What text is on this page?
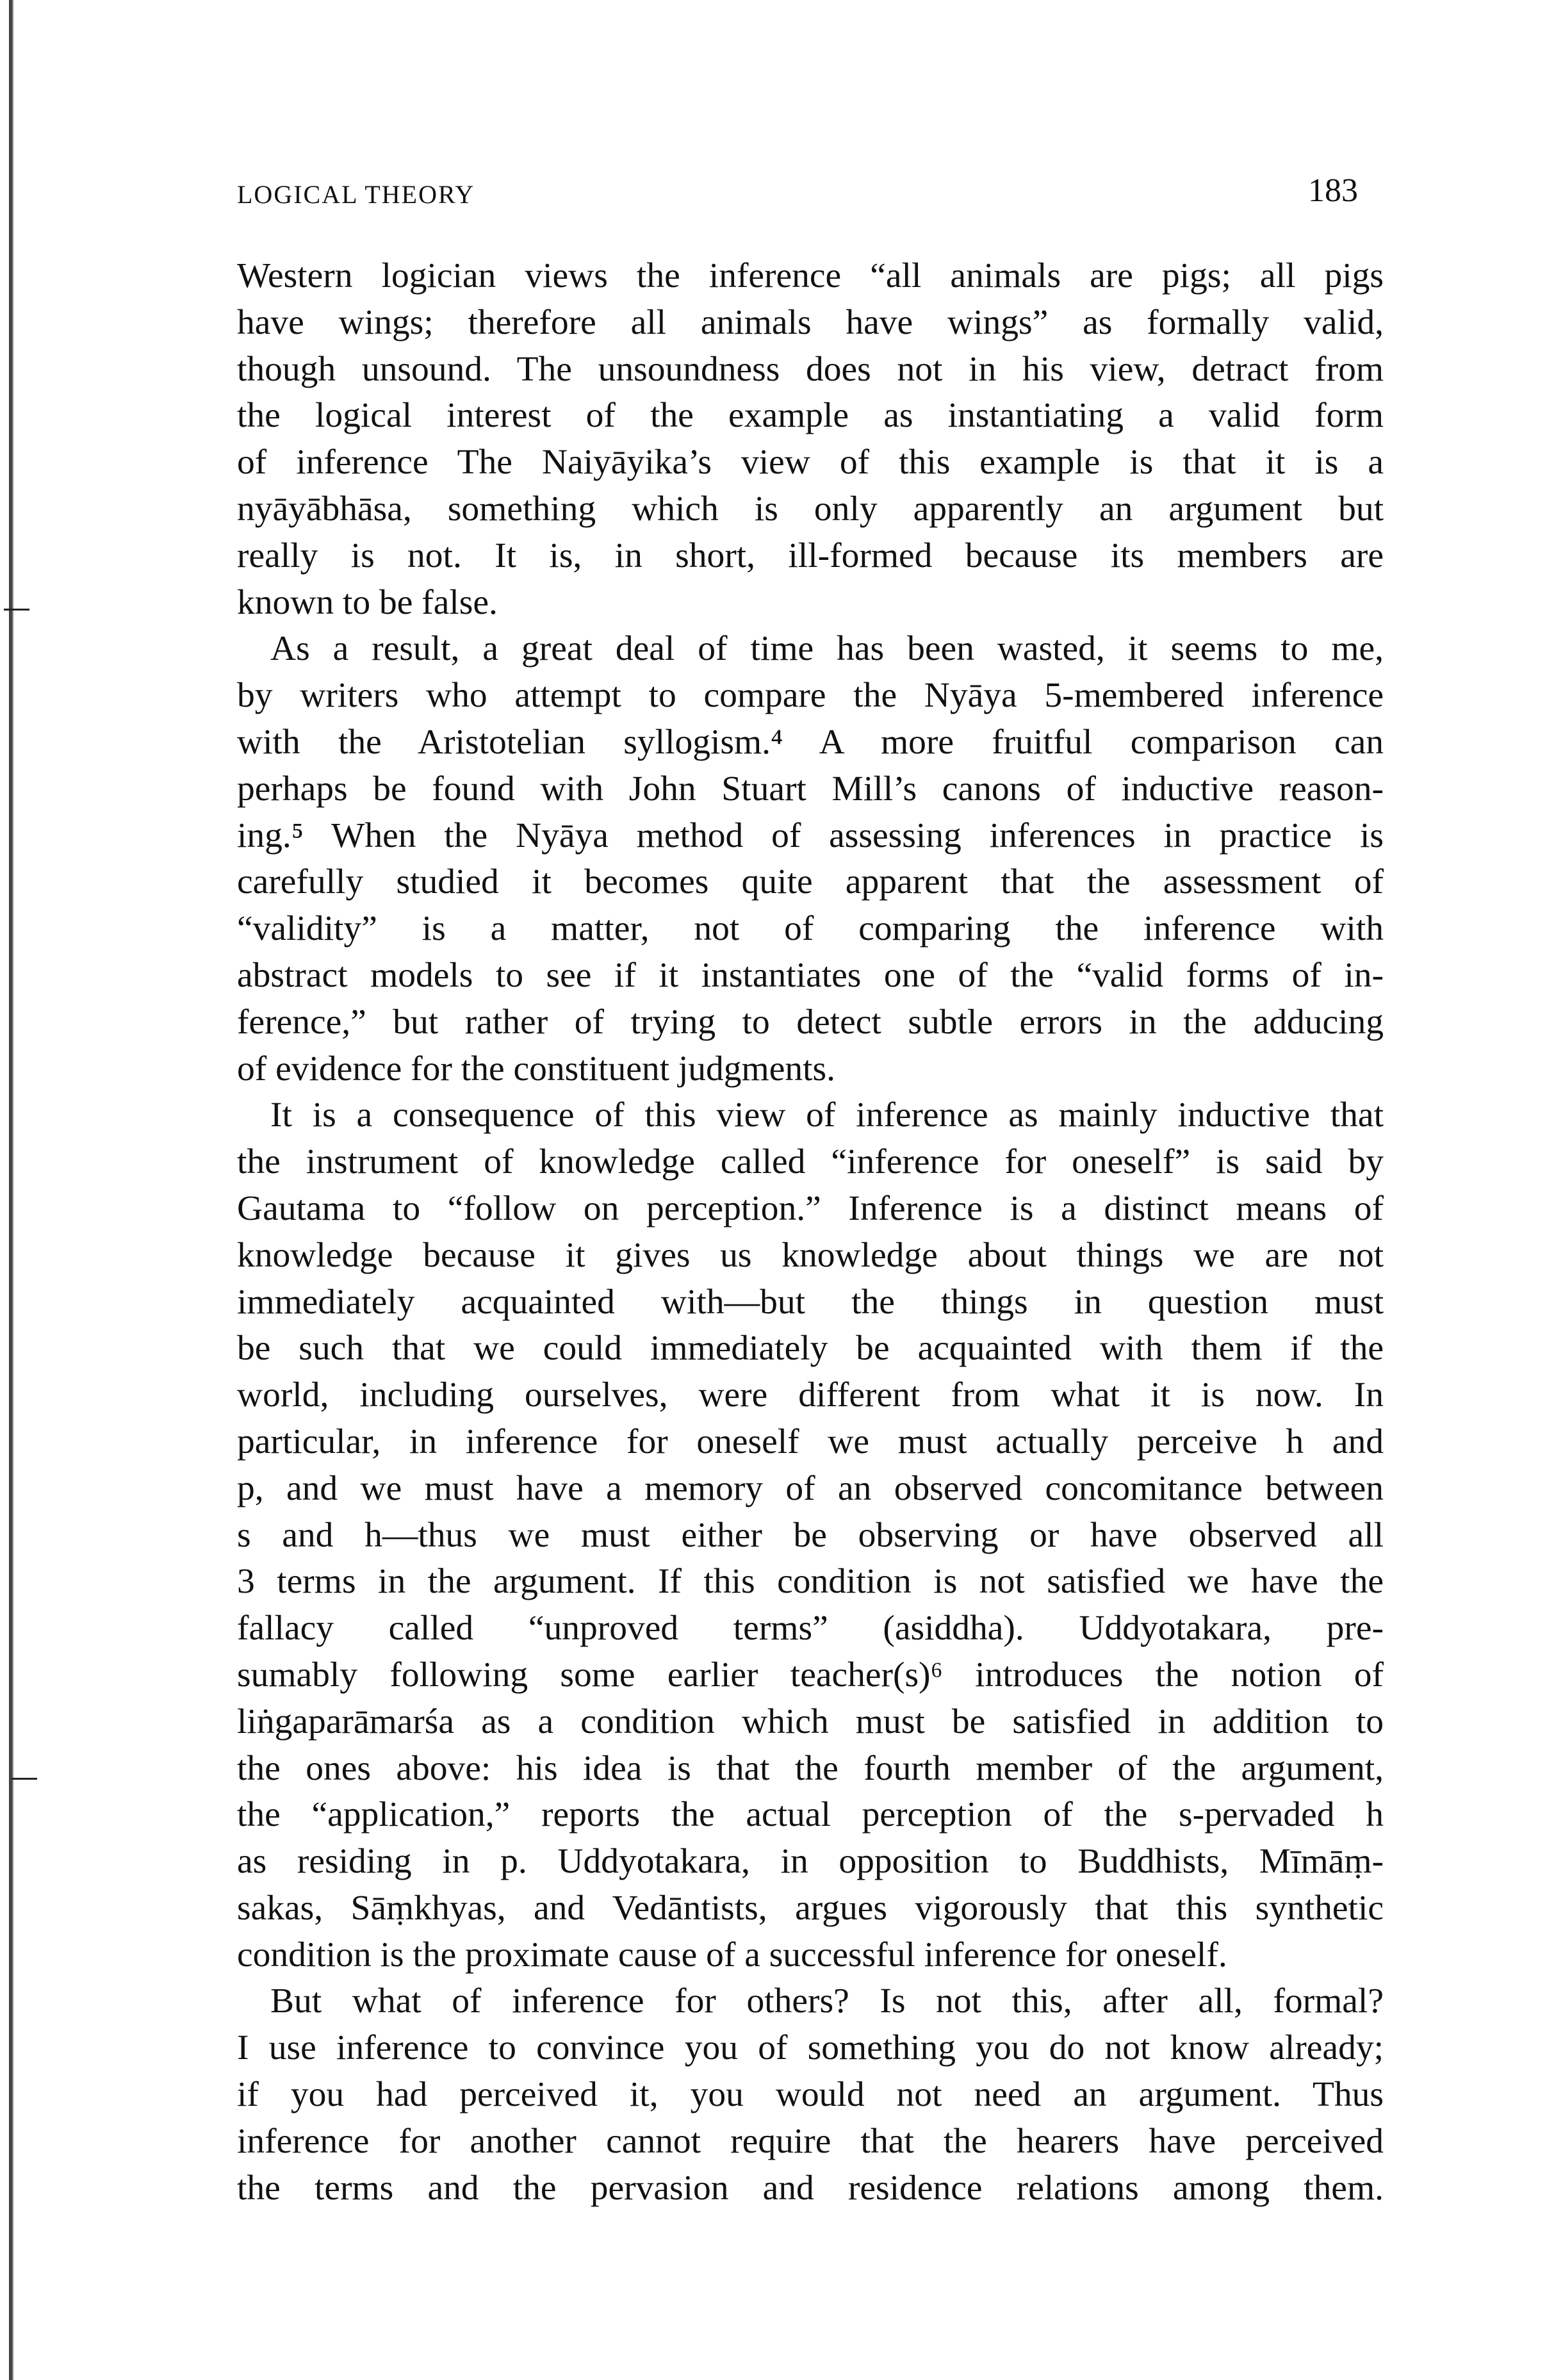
LOGICAL THEORY	183
Western logician views the inference “all animals are pigs; all pigs
have wings; therefore all animals have wings” as formally valid,
though unsound. The unsoundness does not in his view, detract from
the logical interest of the example as instantiating a valid form
of inference The Naiyāyika’s view of this example is that it is a
nyāyābhāsa, something which is only apparently an argument but
really is not. It is, in short, ill-formed because its members are
known to be false.
As a result, a great deal of time has been wasted, it seems to me,
by writers who attempt to compare the Nyāya 5-membered inference
with the Aristotelian syllogism.⁴ A more fruitful comparison can
perhaps be found with John Stuart Mill’s canons of inductive reason-
ing.⁵ When the Nyāya method of assessing inferences in practice is
carefully studied it becomes quite apparent that the assessment of
“validity” is a matter, not of comparing the inference with
abstract models to see if it instantiates one of the “valid forms of in-
ference,” but rather of trying to detect subtle errors in the adducing
of evidence for the constituent judgments.
It is a consequence of this view of inference as mainly inductive that
the instrument of knowledge called “inference for oneself” is said by
Gautama to “follow on perception.” Inference is a distinct means of
knowledge because it gives us knowledge about things we are not
immediately acquainted with—but the things in question must
be such that we could immediately be acquainted with them if the
world, including ourselves, were different from what it is now. In
particular, in inference for oneself we must actually perceive h and
p, and we must have a memory of an observed concomitance between
s and h—thus we must either be observing or have observed all
3 terms in the argument. If this condition is not satisfied we have the
fallacy called “unproved terms” (asiddha). Uddyotakara, pre-
sumably following some earlier teacher(s)⁶ introduces the notion of
liṅgaparāmarśa as a condition which must be satisfied in addition to
the ones above: his idea is that the fourth member of the argument,
the “application,” reports the actual perception of the s-pervaded h
as residing in p. Uddyotakara, in opposition to Buddhists, Mīmāṃ-
sakas, Sāṃkhyas, and Vedāntists, argues vigorously that this synthetic
condition is the proximate cause of a successful inference for oneself.
But what of inference for others? Is not this, after all, formal?
I use inference to convince you of something you do not know already;
if you had perceived it, you would not need an argument. Thus
inference for another cannot require that the hearers have perceived
the terms and the pervasion and residence relations among them.
